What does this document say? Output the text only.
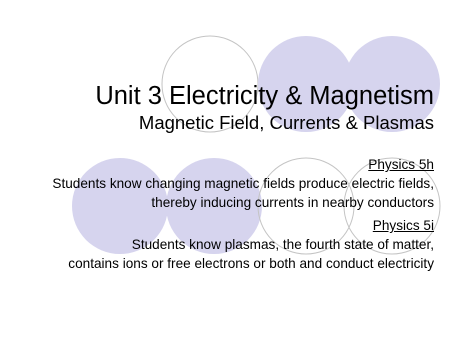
Unit 3 Electricity & Magnetism
Magnetic Field, Currents & Plasmas
Physics 5h

Students know changing magnetic fields produce electric fields, thereby inducing currents in nearby conductors

Physics 5i

Students know plasmas, the fourth state of matter,

contains ions or free electrons or both and conduct electricity
